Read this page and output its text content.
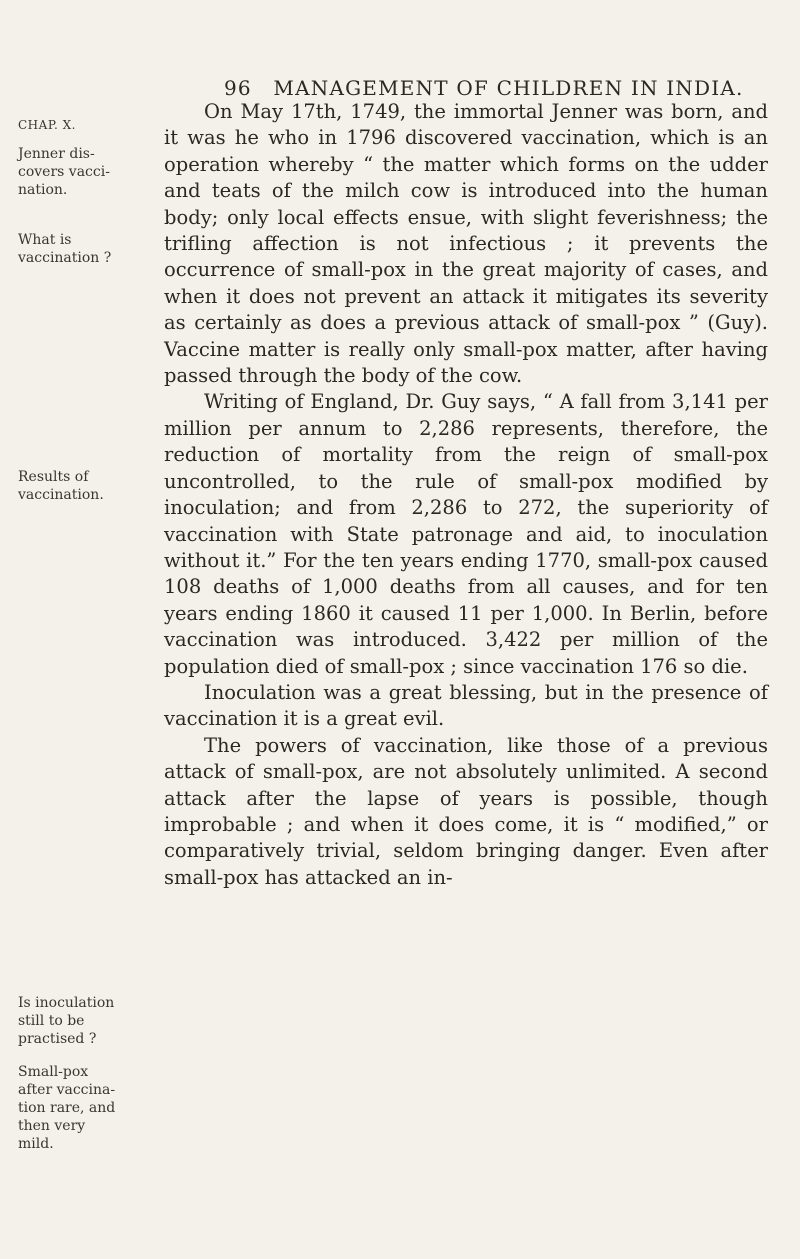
96 MANAGEMENT OF CHILDREN IN INDIA.
CHAP. X.
Jenner dis-
covers vacci-
nation.
What is
vaccination ?
Results of
vaccination.
Is inoculation
still to be
practised ?
Small-pox
after vaccina-
tion rare, and
then very
mild.

On May 17th, 1749, the immortal Jenner was born, and it was he who in 1796 discovered vaccination, which is an operation whereby “ the matter which forms on the udder and teats of the milch cow is introduced into the human body; only local effects ensue, with slight feverishness; the trifling affection is not infectious ; it prevents the occurrence of small-pox in the great majority of cases, and when it does not prevent an attack it mitigates its severity as certainly as does a previous attack of small-pox ” (Guy). Vaccine matter is really only small-pox matter, after having passed through the body of the cow.

Writing of England, Dr. Guy says, “ A fall from 3,141 per million per annum to 2,286 represents, therefore, the reduction of mortality from the reign of small-pox uncontrolled, to the rule of small-pox modified by inoculation; and from 2,286 to 272, the superiority of vaccination with State patronage and aid, to inoculation without it.” For the ten years ending 1770, small-pox caused 108 deaths of 1,000 deaths from all causes, and for ten years ending 1860 it caused 11 per 1,000. In Berlin, before vaccination was introduced. 3,422 per million of the population died of small-pox ; since vaccination 176 so die.

Inoculation was a great blessing, but in the presence of vaccination it is a great evil.

The powers of vaccination, like those of a previous attack of small-pox, are not absolutely unlimited. A second attack after the lapse of years is possible, though improbable ; and when it does come, it is “ modified,” or comparatively trivial, seldom bringing danger. Even after small-pox has attacked an in-
